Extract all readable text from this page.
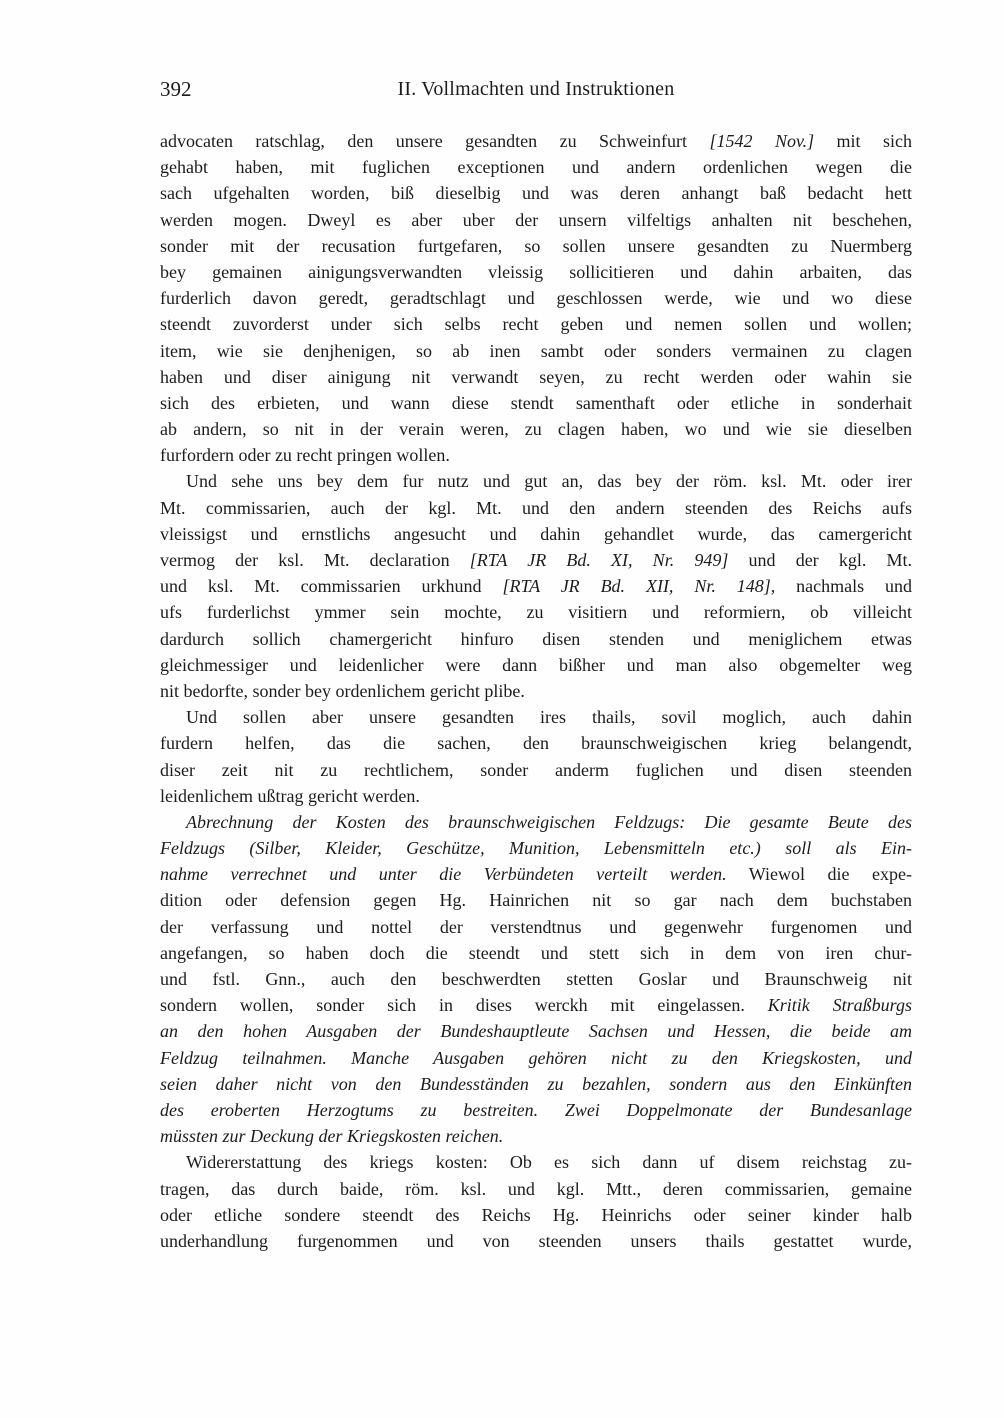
392	II. Vollmachten und Instruktionen
advocaten ratschlag, den unsere gesandten zu Schweinfurt [1542 Nov.] mit sich
gehabt haben, mit fuglichen exceptionen und andern ordenlichen wegen die
sach ufgehalten worden, biß dieselbig und was deren anhangt baß bedacht hett
werden mogen. Dweyl es aber uber der unsern vilfeltigs anhalten nit beschehen,
sonder mit der recusation furtgefaren, so sollen unsere gesandten zu Nuermberg
bey gemainen ainigungsverwandten vleissig sollicitieren und dahin arbaiten, das
furderlich davon geredt, geradtschlagt und geschlossen werde, wie und wo diese
steendt zuvorderst under sich selbs recht geben und nemen sollen und wollen;
item, wie sie denjhenigen, so ab inen sambt oder sonders vermainen zu clagen
haben und diser ainigung nit verwandt seyen, zu recht werden oder wahin sie
sich des erbieten, und wann diese stendt samenthaft oder etliche in sonderhait
ab andern, so nit in der verain weren, zu clagen haben, wo und wie sie dieselben
furfordern oder zu recht pringen wollen.
Und sehe uns bey dem fur nutz und gut an, das bey der röm. ksl. Mt. oder irer
Mt. commissarien, auch der kgl. Mt. und den andern steenden des Reichs aufs
vleissigst und ernstlichs angesucht und dahin gehandlet wurde, das camergericht
vermog der ksl. Mt. declaration [RTA JR Bd. XI, Nr. 949] und der kgl. Mt.
und ksl. Mt. commissarien urkhund [RTA JR Bd. XII, Nr. 148], nachmals und
ufs furderlichst ymmer sein mochte, zu visitiern und reformiern, ob villeicht
dardurch sollich chamergericht hinfuro disen stenden und meniglichem etwas
gleichmessiger und leidenlicher were dann bißher und man also obgemelter weg
nit bedorfte, sonder bey ordenlichem gericht plibe.
Und sollen aber unsere gesandten ires thails, sovil moglich, auch dahin
furdern helfen, das die sachen, den braunschweigischen krieg belangendt,
diser zeit nit zu rechtlichem, sonder anderm fuglichen und disen steenden
leidenlichem ußtrag gericht werden.
Abrechnung der Kosten des braunschweigischen Feldzugs: Die gesamte Beute des
Feldzugs (Silber, Kleider, Geschütze, Munition, Lebensmitteln etc.) soll als Ein-
nahme verrechnet und unter die Verbündeten verteilt werden. Wiewol die expe-
dition oder defension gegen Hg. Hainrichen nit so gar nach dem buchstaben
der verfassung und nottel der verstendtnus und gegenwehr furgenomen und
angefangen, so haben doch die steendt und stett sich in dem von iren chur-
und fstl. Gnn., auch den beschwerdten stetten Goslar und Braunschweig nit
sondern wollen, sonder sich in dises werckh mit eingelassen. Kritik Straßburgs
an den hohen Ausgaben der Bundeshauptleute Sachsen und Hessen, die beide am
Feldzug teilnahmen. Manche Ausgaben gehören nicht zu den Kriegskosten, und
seien daher nicht von den Bundesständen zu bezahlen, sondern aus den Einkünften
des eroberten Herzogtums zu bestreiten. Zwei Doppelmonate der Bundesanlage
müssten zur Deckung der Kriegskosten reichen.
Widererstattung des kriegs kosten: Ob es sich dann uf disem reichstag zu-
tragen, das durch baide, röm. ksl. und kgl. Mtt., deren commissarien, gemaine
oder etliche sondere steendt des Reichs Hg. Heinrichs oder seiner kinder halb
underhandlung furgenommen und von steenden unsers thails gestattet wurde,
